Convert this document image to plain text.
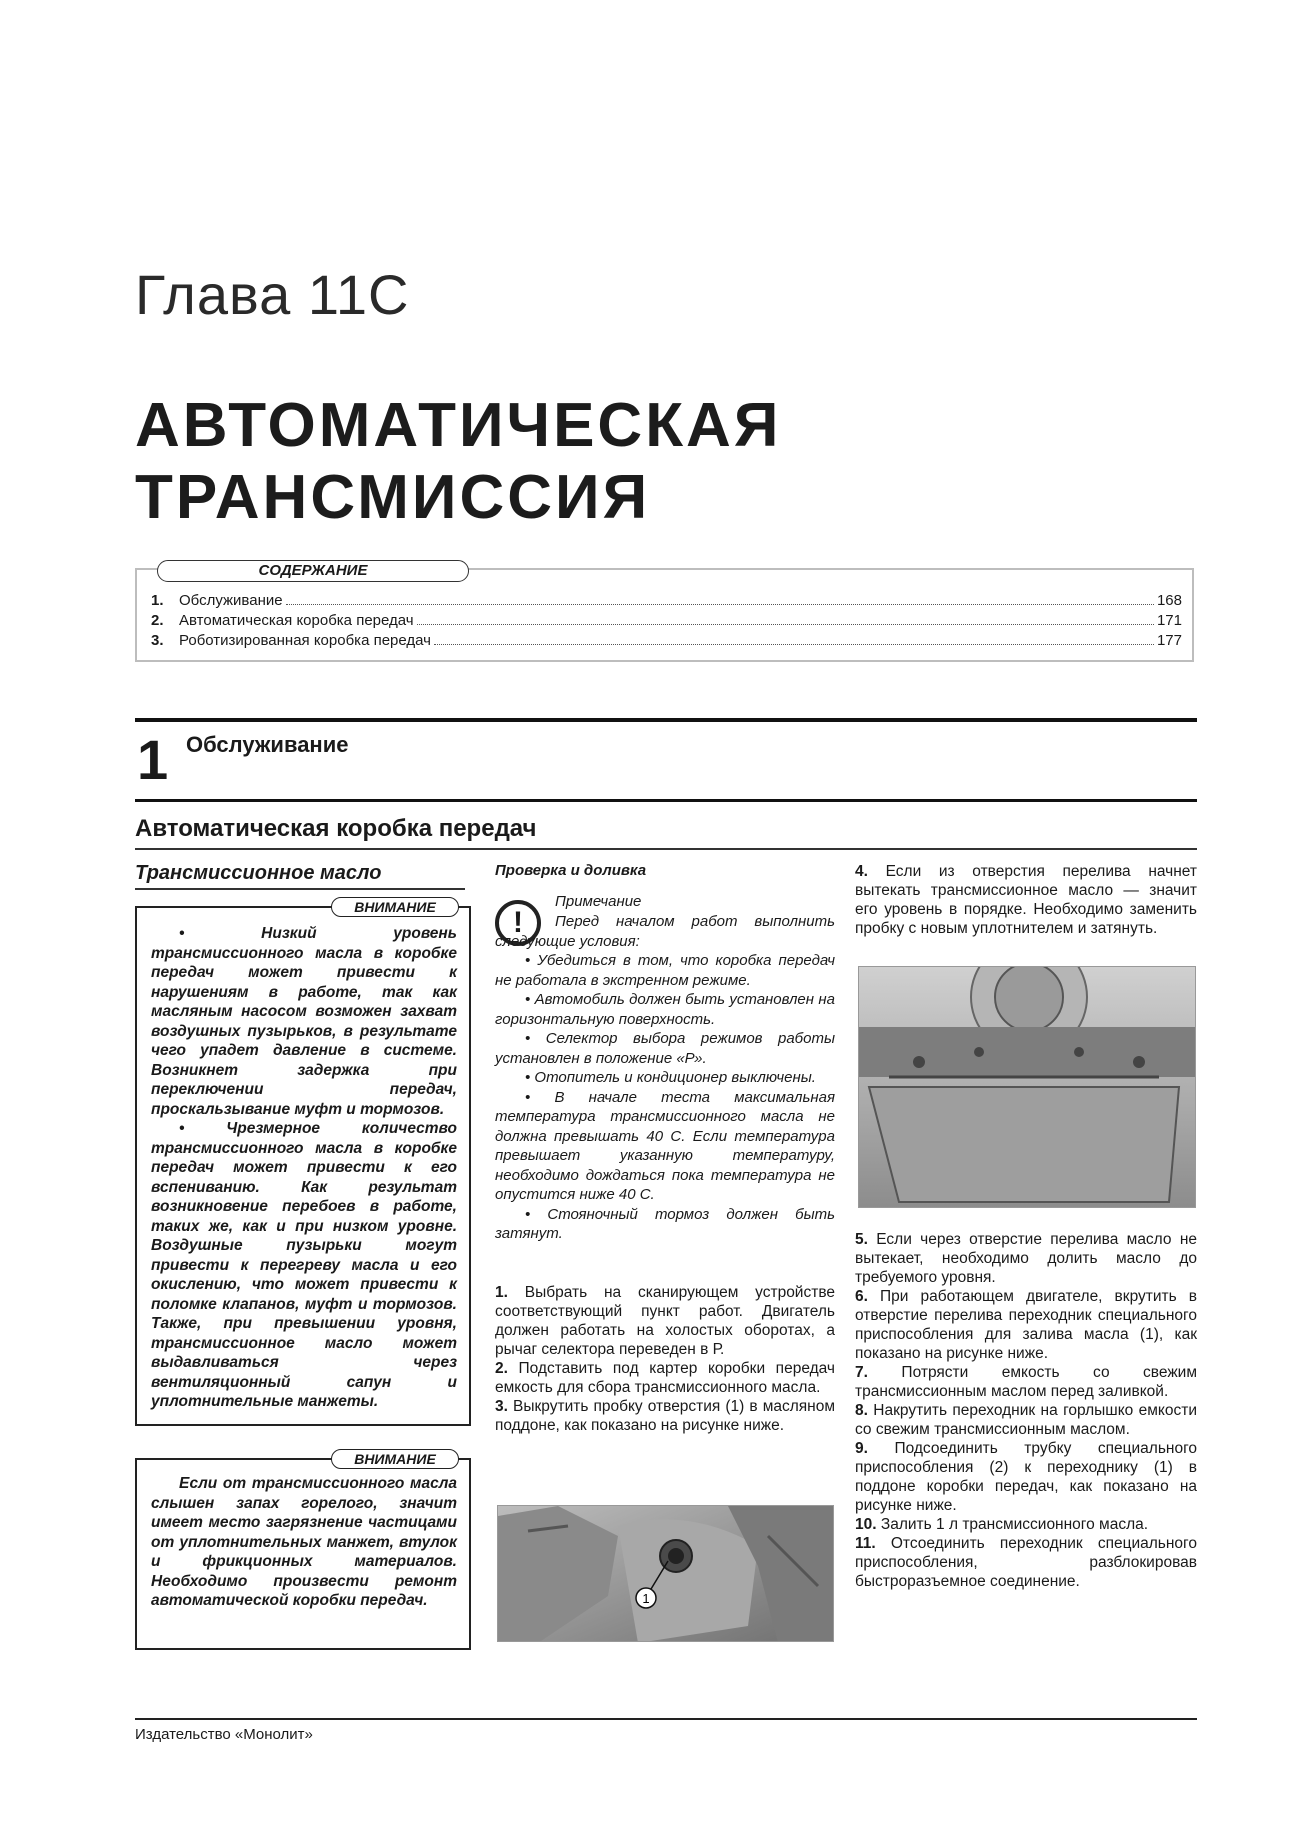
Глава 11С
АВТОМАТИЧЕСКАЯ
ТРАНСМИССИЯ
СОДЕРЖАНИЕ
1.	Обслуживание	168
2.	Автоматическая коробка передач	171
3.	Роботизированная коробка передач	177
1 Обслуживание
Автоматическая коробка передач
Трансмиссионное масло
ВНИМАНИЕ

• Низкий уровень трансмиссионного масла в коробке передач может привести к нарушениям в работе, так как масляным насосом возможен захват воздушных пузырьков, в результате чего упадет давление в системе. Возникнет задержка при переключении передач, проскальзывание муфт и тормозов.

• Чрезмерное количество трансмиссионного масла в коробке передач может привести к его вспениванию. Как результат возникновение перебоев в работе, таких же, как и при низком уровне. Воздушные пузырьки могут привести к перегреву масла и его окислению, что может привести к поломке клапанов, муфт и тормозов. Также, при превышении уровня, трансмиссионное масло может выдавливаться через вентиляционный сапун и уплотнительные манжеты.

ВНИМАНИЕ

Если от трансмиссионного масла слышен запах горелого, значит имеет место загрязнение частицами от уплотнительных манжет, втулок и фрикционных материалов. Необходимо произвести ремонт автоматической коробки передач.

Проверка и доливка
!
Примечание

Перед началом работ выполнить следующие условия:

• Убедиться в том, что коробка передач не работала в экстренном режиме.

• Автомобиль должен быть установлен на горизонтальную поверхность.

• Селектор выбора режимов работы установлен в положение «Р».

• Отопитель и кондиционер выключены.

• В начале теста максимальная температура трансмиссионного масла не должна превышать 40 С. Если температура превышает указанную температуру, необходимо дождаться пока температура не опустится ниже 40 С.

• Стояночный тормоз должен быть затянут.

1. Выбрать на сканирующем устройстве соответствующий пункт работ. Двигатель должен работать на холостых оборотах, а рычаг селектора переведен в Р.

2. Подставить под картер коробки передач емкость для сбора трансмиссионного масла.

3. Выкрутить пробку отверстия (1) в масляном поддоне, как показано на рисунке ниже.

1

4. Если из отверстия перелива начнет вытекать трансмиссионное масло — значит его уровень в порядке. Необходимо заменить пробку с новым уплотнителем и затянуть.

5. Если через отверстие перелива масло не вытекает, необходимо долить масло до требуемого уровня.

6. При работающем двигателе, вкрутить в отверстие перелива переходник специального приспособления для залива масла (1), как показано на рисунке ниже.

7. Потрясти емкость со свежим трансмиссионным маслом перед заливкой.

8. Накрутить переходник на горлышко емкости со свежим трансмиссионным маслом.

9. Подсоединить трубку специального приспособления (2) к переходнику (1) в поддоне коробки передач, как показано на рисунке ниже.

10. Залить 1 л трансмиссионного масла.

11. Отсоединить переходник специального приспособления, разблокировав быстроразъемное соединение.

Издательство «Монолит»
